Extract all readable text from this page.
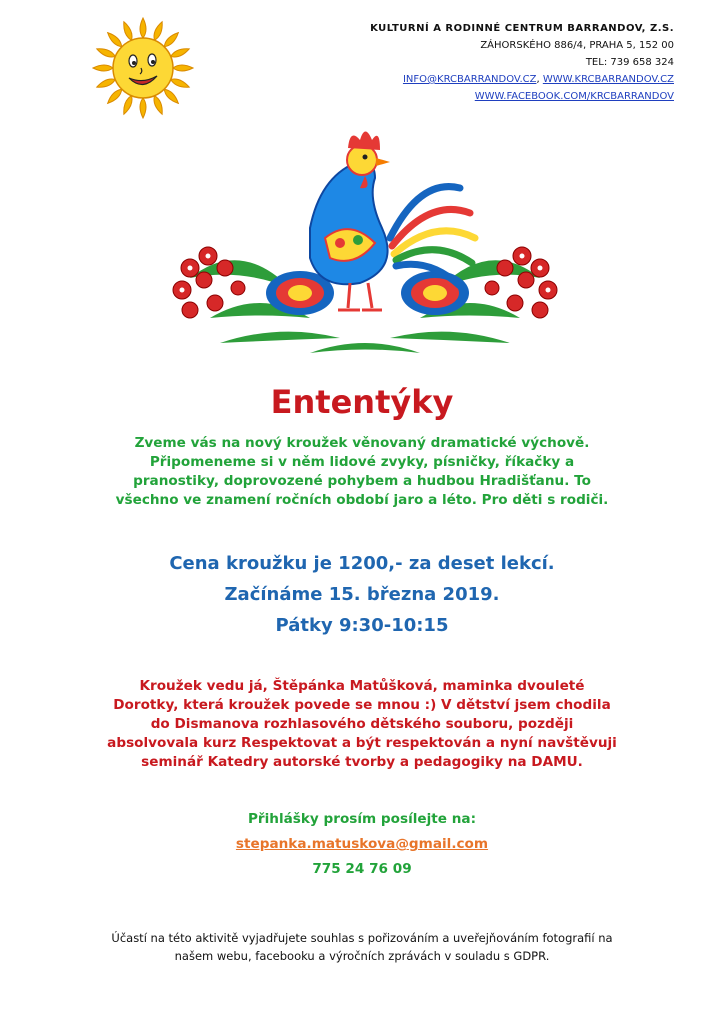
KULTURNÍ A RODINNÉ CENTRUM BARRANDOV, Z.S.
ZÁHORSKÉHO 886/4, PRAHA 5, 152 00
TEL: 739 658 324
INFO@KRCBARRANDOV.CZ, WWW.KRCBARRANDOV.CZ
WWW.FACEBOOK.COM/KRCBARRANDOV
Ententýky
Zveme vás na nový kroužek věnovaný dramatické výchově.
Připomeneme si v něm lidové zvyky, písničky, říkačky a
pranostiky, doprovozené pohybem a hudbou Hradišťanu. To
všechno ve znamení ročních období jaro a léto. Pro děti s rodiči.
Cena kroužku je 1200,- za deset lekcí.
Začínáme 15. března 2019.
Pátky 9:30-10:15
Kroužek vedu já, Štěpánka Matůšková, maminka dvouleté
Dorotky, která kroužek povede se mnou :) V dětství jsem chodila
do Dismanova rozhlasového dětského souboru, později
absolvovala kurz Respektovat a být respektován a nyní navštěvuji
seminář Katedry autorské tvorby a pedagogiky na DAMU.
Přihlášky prosím posílejte na:
stepanka.matuskova@gmail.com
775 24 76 09
Účastí na této aktivitě vyjadřujete souhlas s pořizováním a uveřejňováním fotografií na
našem webu, facebooku a výročních zprávách v souladu s GDPR.
